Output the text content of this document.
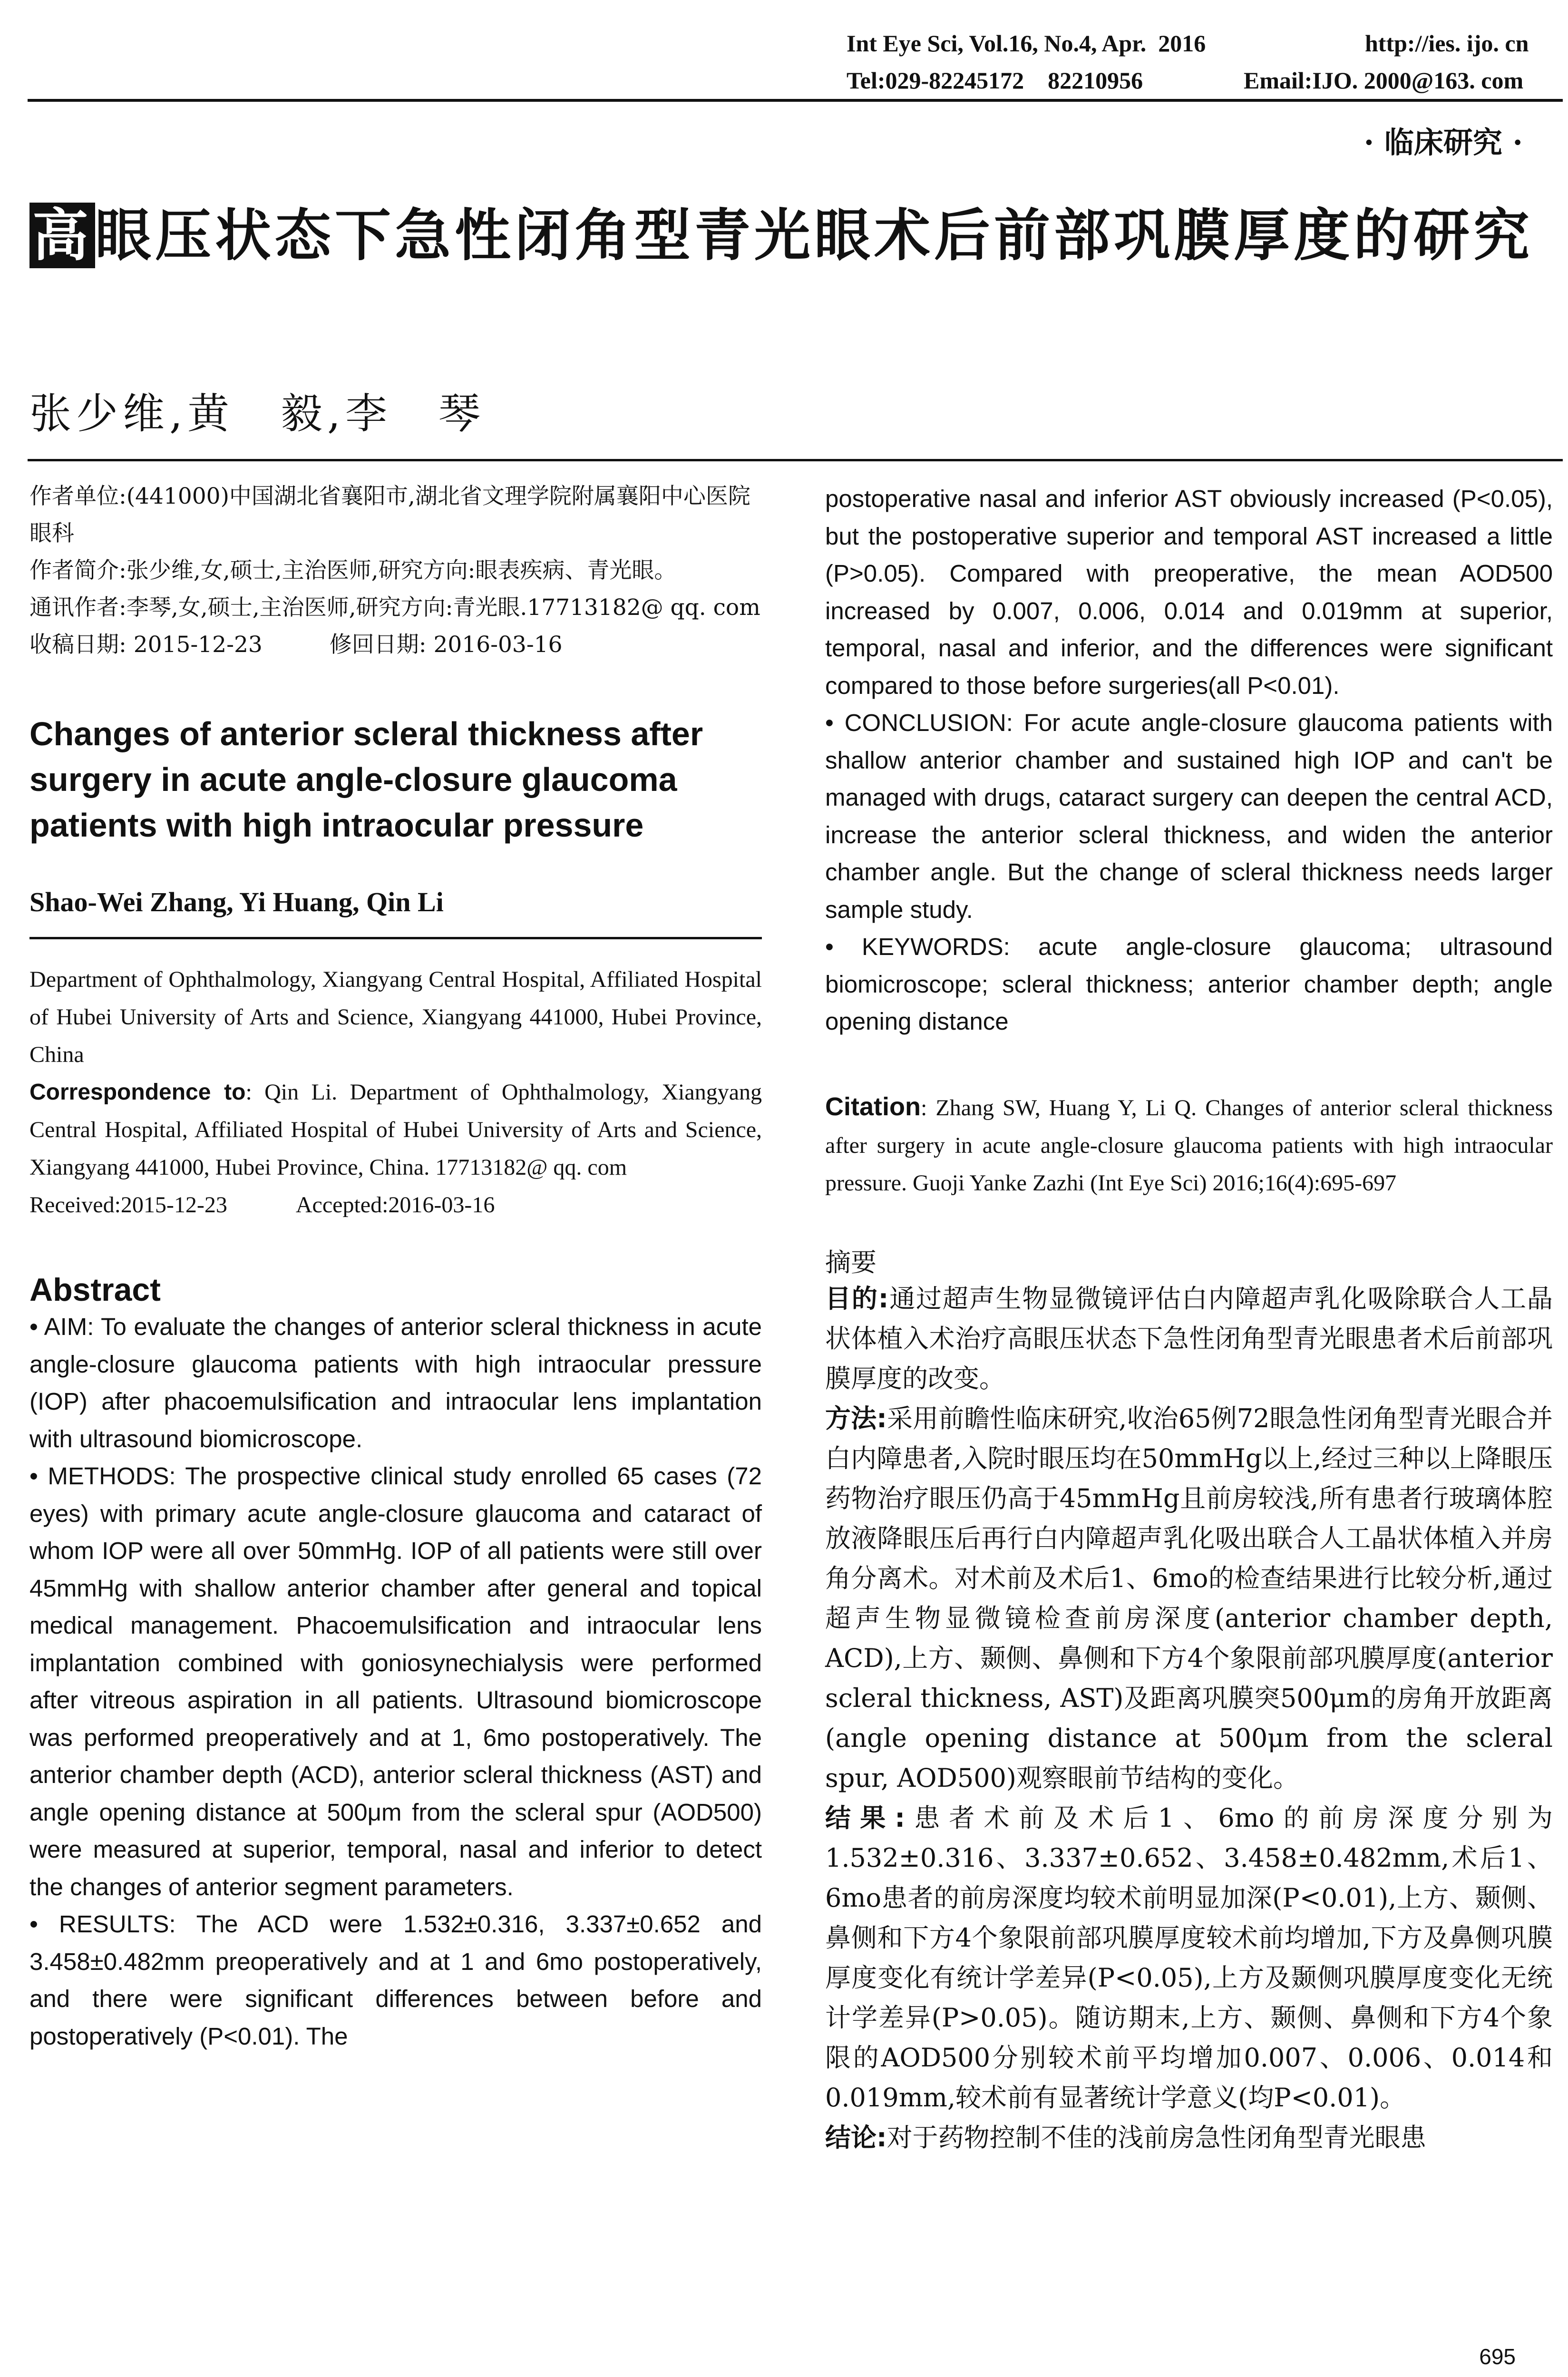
Int Eye Sci, Vol.16, No.4, Apr.  2016	http://ies. ijo. cn
Tel:029-82245172    82210956	Email:IJO. 2000@163. com
· 临床研究 ·
高眼压状态下急性闭角型青光眼术后前部巩膜厚度的研究
张少维,黄　毅,李　琴

作者单位:(441000)中国湖北省襄阳市,湖北省文理学院附属襄阳中心医院眼科

作者简介:张少维,女,硕士,主治医师,研究方向:眼表疾病、青光眼。

通讯作者:李琴,女,硕士,主治医师,研究方向:青光眼.17713182@ qq. com

收稿日期: 2015-12-23　　　修回日期: 2016-03-16

Changes of anterior scleral thickness after surgery in acute angle-closure glaucoma patients with high intraocular pressure

Shao-Wei Zhang, Yi Huang, Qin Li

Department of Ophthalmology, Xiangyang Central Hospital, Affiliated Hospital of Hubei University of Arts and Science, Xiangyang 441000, Hubei Province, China

Correspondence to: Qin Li. Department of Ophthalmology, Xiangyang Central Hospital, Affiliated Hospital of Hubei University of Arts and Science, Xiangyang 441000, Hubei Province, China. 17713182@ qq. com

Received:2015-12-23　　　Accepted:2016-03-16

Abstract

• AIM: To evaluate the changes of anterior scleral thickness in acute angle-closure glaucoma patients with high intraocular pressure (IOP) after phacoemulsification and intraocular lens implantation with ultrasound biomicroscope.

• METHODS: The prospective clinical study enrolled 65 cases (72 eyes) with primary acute angle-closure glaucoma and cataract of whom IOP were all over 50mmHg. IOP of all patients were still over 45mmHg with shallow anterior chamber after general and topical medical management. Phacoemulsification and intraocular lens implantation combined with goniosynechialysis were performed after vitreous aspiration in all patients. Ultrasound biomicroscope was performed preoperatively and at 1, 6mo postoperatively. The anterior chamber depth (ACD), anterior scleral thickness (AST) and angle opening distance at 500μm from the scleral spur (AOD500) were measured at superior, temporal, nasal and inferior to detect the changes of anterior segment parameters.

• RESULTS: The ACD were 1.532±0.316, 3.337±0.652 and 3.458±0.482mm preoperatively and at 1 and 6mo postoperatively, and there were significant differences between before and postoperatively (P<0.01). The

postoperative nasal and inferior AST obviously increased (P<0.05), but the postoperative superior and temporal AST increased a little (P>0.05). Compared with preoperative, the mean AOD500 increased by 0.007, 0.006, 0.014 and 0.019mm at superior, temporal, nasal and inferior, and the differences were significant compared to those before surgeries(all P<0.01).

• CONCLUSION: For acute angle-closure glaucoma patients with shallow anterior chamber and sustained high IOP and can't be managed with drugs, cataract surgery can deepen the central ACD, increase the anterior scleral thickness, and widen the anterior chamber angle. But the change of scleral thickness needs larger sample study.

• KEYWORDS: acute angle-closure glaucoma; ultrasound biomicroscope; scleral thickness; anterior chamber depth; angle opening distance

Citation: Zhang SW, Huang Y, Li Q. Changes of anterior scleral thickness after surgery in acute angle-closure glaucoma patients with high intraocular pressure. Guoji Yanke Zazhi (Int Eye Sci) 2016;16(4):695-697

摘要

目的:通过超声生物显微镜评估白内障超声乳化吸除联合人工晶状体植入术治疗高眼压状态下急性闭角型青光眼患者术后前部巩膜厚度的改变。

方法:采用前瞻性临床研究,收治65例72眼急性闭角型青光眼合并白内障患者,入院时眼压均在50mmHg以上,经过三种以上降眼压药物治疗眼压仍高于45mmHg且前房较浅,所有患者行玻璃体腔放液降眼压后再行白内障超声乳化吸出联合人工晶状体植入并房角分离术。对术前及术后1、6mo的检查结果进行比较分析,通过超声生物显微镜检查前房深度(anterior chamber depth, ACD),上方、颞侧、鼻侧和下方4个象限前部巩膜厚度(anterior scleral thickness, AST)及距离巩膜突500μm的房角开放距离(angle opening distance at 500μm from the scleral spur, AOD500)观察眼前节结构的变化。

结果:患者术前及术后1、6mo的前房深度分别为1.532±0.316、3.337±0.652、3.458±0.482mm,术后1、6mo患者的前房深度均较术前明显加深(P<0.01),上方、颞侧、鼻侧和下方4个象限前部巩膜厚度较术前均增加,下方及鼻侧巩膜厚度变化有统计学差异(P<0.05),上方及颞侧巩膜厚度变化无统计学差异(P>0.05)。随访期末,上方、颞侧、鼻侧和下方4个象限的AOD500分别较术前平均增加0.007、0.006、0.014和0.019mm,较术前有显著统计学意义(均P<0.01)。

结论:对于药物控制不佳的浅前房急性闭角型青光眼患

695
